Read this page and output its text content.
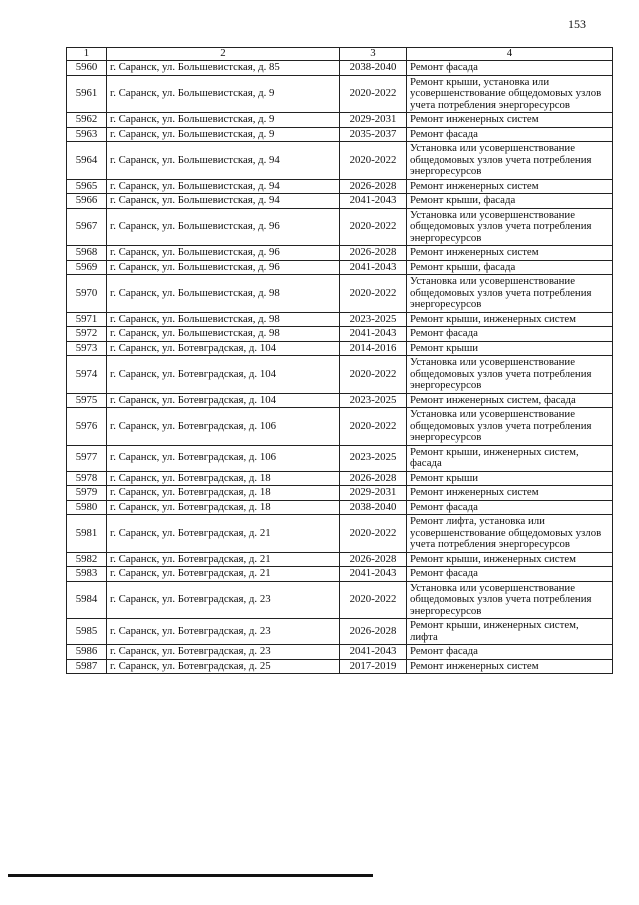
153
1	2	3	4
5960	г. Саранск, ул. Большевистская, д. 85	2038-2040	Ремонт фасада
5961	г. Саранск, ул. Большевистская, д. 9	2020-2022	Ремонт крыши, установка или усовершенствование общедомовых узлов учета потребления энергоресурсов
5962	г. Саранск, ул. Большевистская, д. 9	2029-2031	Ремонт инженерных систем
5963	г. Саранск, ул. Большевистская, д. 9	2035-2037	Ремонт фасада
5964	г. Саранск, ул. Большевистская, д. 94	2020-2022	Установка или усовершенствование общедомовых узлов учета потребления энергоресурсов
5965	г. Саранск, ул. Большевистская, д. 94	2026-2028	Ремонт инженерных систем
5966	г. Саранск, ул. Большевистская, д. 94	2041-2043	Ремонт крыши, фасада
5967	г. Саранск, ул. Большевистская, д. 96	2020-2022	Установка или усовершенствование общедомовых узлов учета потребления энергоресурсов
5968	г. Саранск, ул. Большевистская, д. 96	2026-2028	Ремонт инженерных систем
5969	г. Саранск, ул. Большевистская, д. 96	2041-2043	Ремонт крыши, фасада
5970	г. Саранск, ул. Большевистская, д. 98	2020-2022	Установка или усовершенствование общедомовых узлов учета потребления энергоресурсов
5971	г. Саранск, ул. Большевистская, д. 98	2023-2025	Ремонт крыши, инженерных систем
5972	г. Саранск, ул. Большевистская, д. 98	2041-2043	Ремонт фасада
5973	г. Саранск, ул. Ботевградская, д. 104	2014-2016	Ремонт крыши
5974	г. Саранск, ул. Ботевградская, д. 104	2020-2022	Установка или усовершенствование общедомовых узлов учета потребления энергоресурсов
5975	г. Саранск, ул. Ботевградская, д. 104	2023-2025	Ремонт инженерных систем, фасада
5976	г. Саранск, ул. Ботевградская, д. 106	2020-2022	Установка или усовершенствование общедомовых узлов учета потребления энергоресурсов
5977	г. Саранск, ул. Ботевградская, д. 106	2023-2025	Ремонт крыши, инженерных систем, фасада
5978	г. Саранск, ул. Ботевградская, д. 18	2026-2028	Ремонт крыши
5979	г. Саранск, ул. Ботевградская, д. 18	2029-2031	Ремонт инженерных систем
5980	г. Саранск, ул. Ботевградская, д. 18	2038-2040	Ремонт фасада
5981	г. Саранск, ул. Ботевградская, д. 21	2020-2022	Ремонт лифта, установка или усовершенствование общедомовых узлов учета потребления энергоресурсов
5982	г. Саранск, ул. Ботевградская, д. 21	2026-2028	Ремонт крыши, инженерных систем
5983	г. Саранск, ул. Ботевградская, д. 21	2041-2043	Ремонт фасада
5984	г. Саранск, ул. Ботевградская, д. 23	2020-2022	Установка или усовершенствование общедомовых узлов учета потребления энергоресурсов
5985	г. Саранск, ул. Ботевградская, д. 23	2026-2028	Ремонт крыши, инженерных систем, лифта
5986	г. Саранск, ул. Ботевградская, д. 23	2041-2043	Ремонт фасада
5987	г. Саранск, ул. Ботевградская, д. 25	2017-2019	Ремонт инженерных систем
